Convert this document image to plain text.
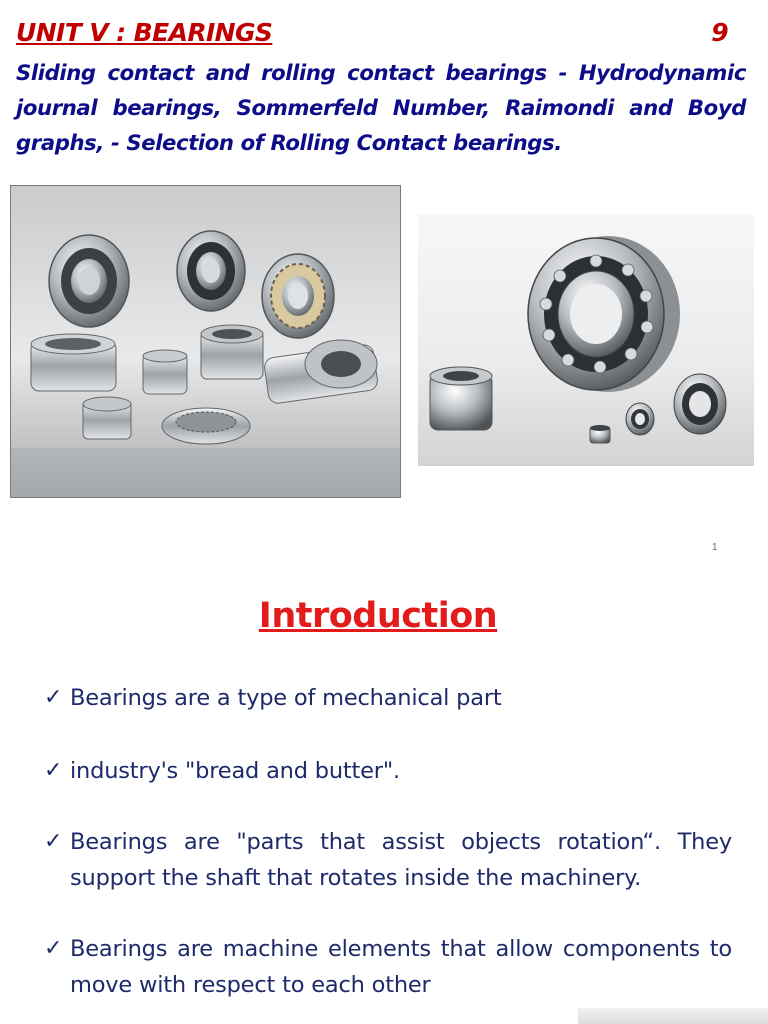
UNIT V : BEARINGS	9
Sliding contact and rolling contact bearings - Hydrodynamic journal bearings, Sommerfeld Number, Raimondi and Boyd graphs, - Selection of Rolling Contact bearings.
1
Introduction
✓ Bearings are a type of mechanical part
✓ industry's "bread and butter".
✓ Bearings are "parts that assist objects rotation“. They support the shaft that rotates inside the machinery.
✓ Bearings are machine elements that allow components to move with respect to each other
